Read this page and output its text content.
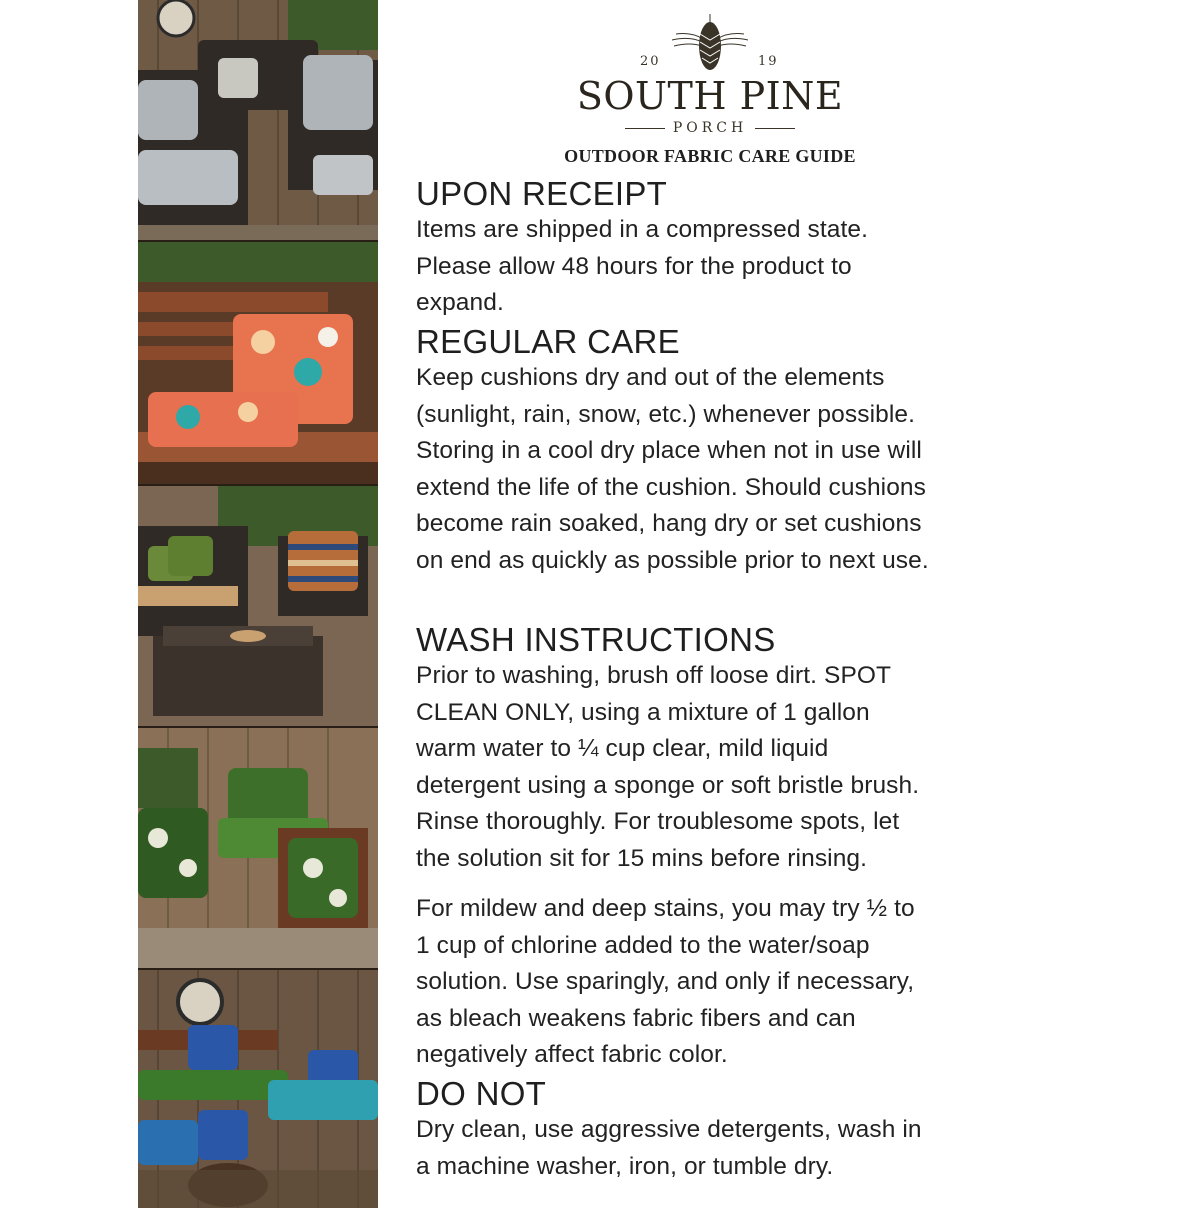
20	19
SOUTH PINE
PORCH
OUTDOOR FABRIC CARE GUIDE
UPON RECEIPT

Items are shipped in a compressed state.

Please allow 48 hours for the product to

expand.

REGULAR CARE

Keep cushions dry and out of the elements

(sunlight, rain, snow, etc.) whenever possible.

Storing in a cool dry place when not in use will

extend the life of the cushion. Should cushions

become rain soaked, hang dry or set cushions

on end as quickly as possible prior to next use.

WASH INSTRUCTIONS

Prior to washing, brush off loose dirt. SPOT

CLEAN ONLY, using a mixture of 1 gallon

warm water to ¼ cup clear, mild liquid

detergent using a sponge or soft bristle brush.

Rinse thoroughly. For troublesome spots, let

the solution sit for 15 mins before rinsing.

For mildew and deep stains, you may try ½ to

1 cup of chlorine added to the water/soap

solution. Use sparingly, and only if necessary,

as bleach weakens fabric fibers and can

negatively affect fabric color.

DO NOT

Dry clean, use aggressive detergents, wash in

a machine washer, iron, or tumble dry.
